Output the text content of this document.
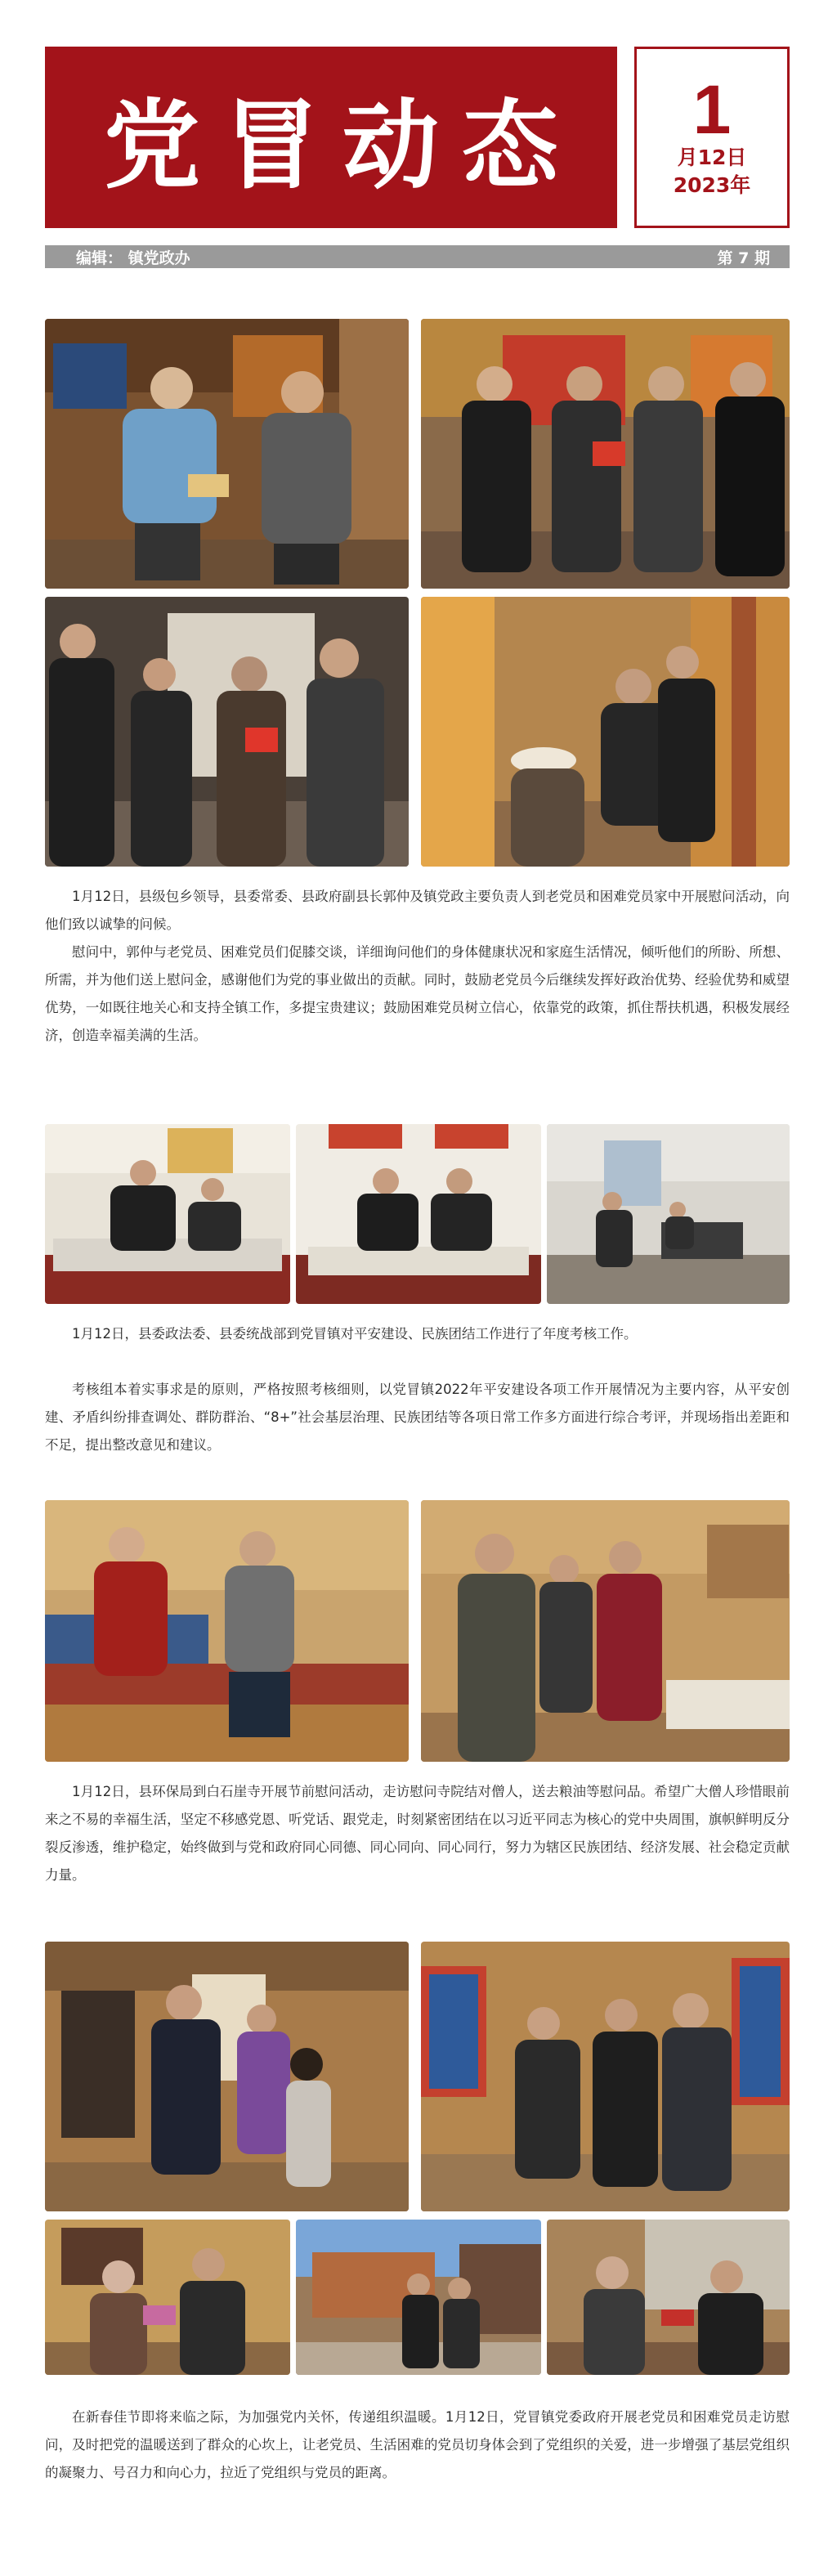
党冒动态 1
月12日
2023年
编辑： 镇党政办	第 7 期

1月12日，县级包乡领导，县委常委、县政府副县长郭仲及镇党政主要负责人到老党员和困难党员家中开展慰问活动，向他们致以诚挚的问候。

慰问中，郭仲与老党员、困难党员们促膝交谈，详细询问他们的身体健康状况和家庭生活情况，倾听他们的所盼、所想、所需，并为他们送上慰问金，感谢他们为党的事业做出的贡献。同时，鼓励老党员今后继续发挥好政治优势、经验优势和威望优势，一如既往地关心和支持全镇工作，多提宝贵建议；鼓励困难党员树立信心，依靠党的政策，抓住帮扶机遇，积极发展经济，创造幸福美满的生活。

1月12日，县委政法委、县委统战部到党冒镇对平安建设、民族团结工作进行了年度考核工作。

考核组本着实事求是的原则，严格按照考核细则，以党冒镇2022年平安建设各项工作开展情况为主要内容，从平安创建、矛盾纠纷排查调处、群防群治、“8+”社会基层治理、民族团结等各项日常工作多方面进行综合考评，并现场指出差距和不足，提出整改意见和建议。

1月12日，县环保局到白石崖寺开展节前慰问活动，走访慰问寺院结对僧人，送去粮油等慰问品。希望广大僧人珍惜眼前来之不易的幸福生活，坚定不移感党恩、听党话、跟党走，时刻紧密团结在以习近平同志为核心的党中央周围，旗帜鲜明反分裂反渗透，维护稳定，始终做到与党和政府同心同德、同心同向、同心同行，努力为辖区民族团结、经济发展、社会稳定贡献力量。

在新春佳节即将来临之际，为加强党内关怀，传递组织温暖。1月12日，党冒镇党委政府开展老党员和困难党员走访慰问，及时把党的温暖送到了群众的心坎上，让老党员、生活困难的党员切身体会到了党组织的关爱，进一步增强了基层党组织的凝聚力、号召力和向心力，拉近了党组织与党员的距离。
